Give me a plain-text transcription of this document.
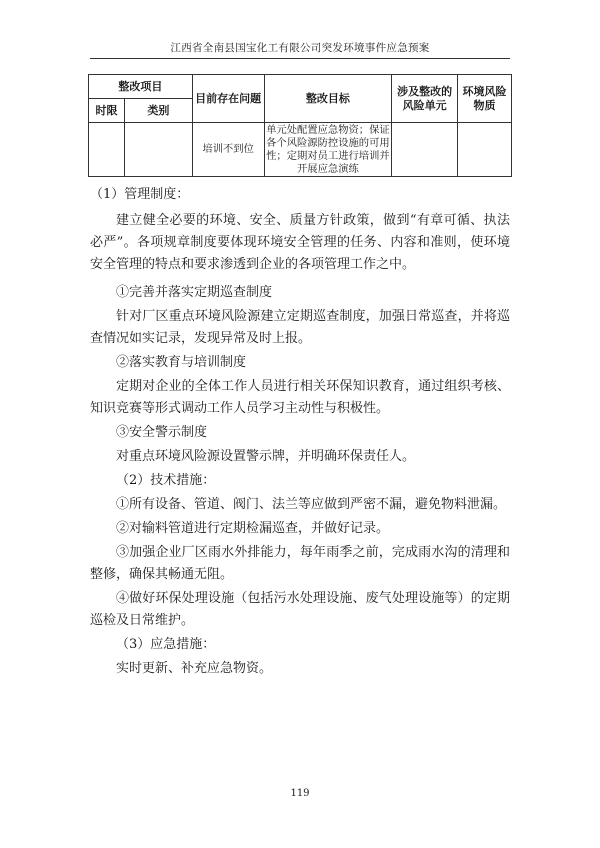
江西省全南县国宝化工有限公司突发环境事件应急预案
整改项目		目前存在问题	整改目标	涉及整改的风险单元	环境风险物质
时限	类别				
		培训不到位	单元处配置应急物资；保证各个风险源防控设施的可用性；定期对员工进行培训并开展应急演练		

（1）管理制度：

建立健全必要的环境、安全、质量方针政策，做到“有章可循、执法必严”。各项规章制度要体现环境安全管理的任务、内容和准则，使环境安全管理的特点和要求渗透到企业的各项管理工作之中。

①完善并落实定期巡查制度

针对厂区重点环境风险源建立定期巡查制度，加强日常巡查，并将巡查情况如实记录，发现异常及时上报。

②落实教育与培训制度

定期对企业的全体工作人员进行相关环保知识教育，通过组织考核、知识竞赛等形式调动工作人员学习主动性与积极性。

③安全警示制度

对重点环境风险源设置警示牌，并明确环保责任人。

（2）技术措施：

①所有设备、管道、阀门、法兰等应做到严密不漏，避免物料泄漏。

②对输料管道进行定期检漏巡查，并做好记录。

③加强企业厂区雨水外排能力，每年雨季之前，完成雨水沟的清理和整修，确保其畅通无阻。

④做好环保处理设施（包括污水处理设施、废气处理设施等）的定期巡检及日常维护。

（3）应急措施：

实时更新、补充应急物资。

119
